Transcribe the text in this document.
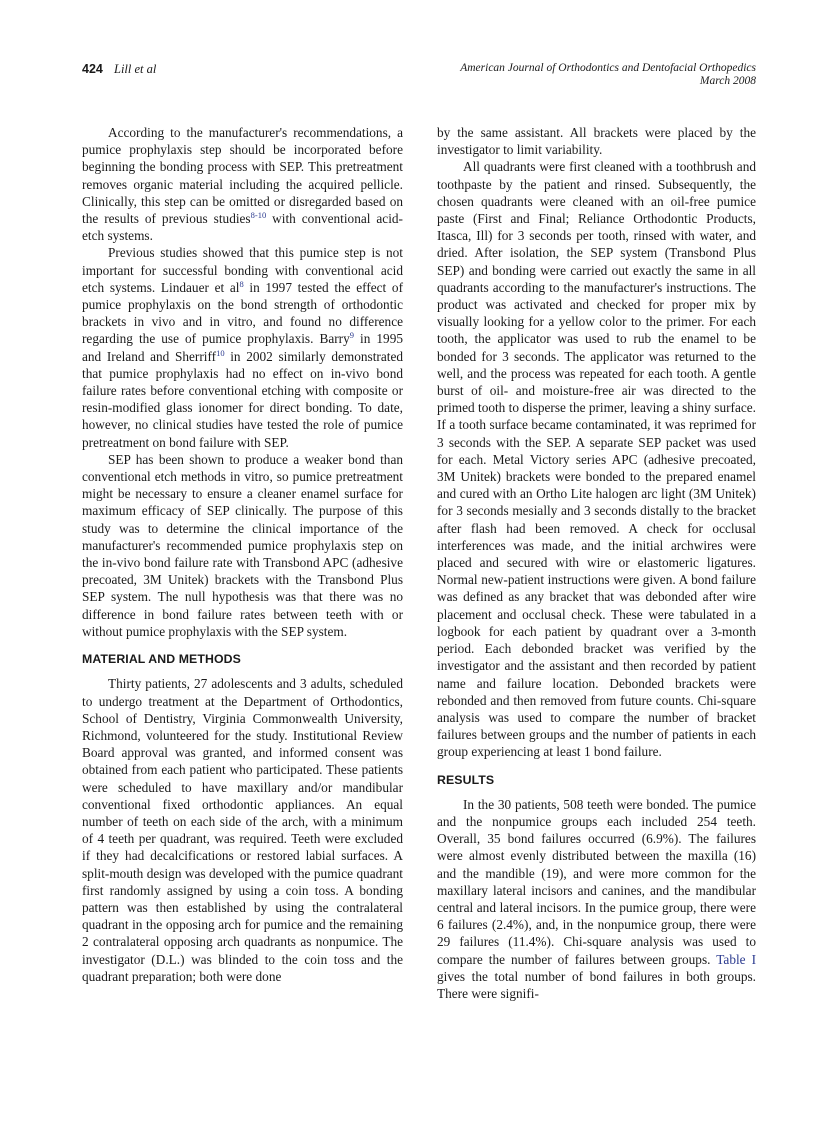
424 Lill et al	American Journal of Orthodontics and Dentofacial Orthopedics
March 2008

According to the manufacturer's recommendations, a pumice prophylaxis step should be incorporated before beginning the bonding process with SEP. This pretreatment removes organic material including the acquired pellicle. Clinically, this step can be omitted or disregarded based on the results of previous studies$^{8-10}$ with conventional acid-etch systems.

Previous studies showed that this pumice step is not important for successful bonding with conventional acid etch systems. Lindauer et $al^8$ in 1997 tested the effect of pumice prophylaxis on the bond strength of orthodontic brackets in vivo and in vitro, and found no difference regarding the use of pumice prophylaxis. Barry$^9$ in 1995 and Ireland and Sherriff$^{10}$ in 2002 similarly demonstrated that pumice prophylaxis had no effect on in-vivo bond failure rates before conventional etching with composite or resin-modified glass ionomer for direct bonding. To date, however, no clinical studies have tested the role of pumice pretreatment on bond failure with SEP.

SEP has been shown to produce a weaker bond than conventional etch methods in vitro, so pumice pretreatment might be necessary to ensure a cleaner enamel surface for maximum efficacy of SEP clinically. The purpose of this study was to determine the clinical importance of the manufacturer's recommended pumice prophylaxis step on the in-vivo bond failure rate with Transbond APC (adhesive precoated, 3M Unitek) brackets with the Transbond Plus SEP system. The null hypothesis was that there was no difference in bond failure rates between teeth with or without pumice prophylaxis with the SEP system.

MATERIAL AND METHODS

Thirty patients, 27 adolescents and 3 adults, scheduled to undergo treatment at the Department of Orthodontics, School of Dentistry, Virginia Commonwealth University, Richmond, volunteered for the study. Institutional Review Board approval was granted, and informed consent was obtained from each patient who participated. These patients were scheduled to have maxillary and/or mandibular conventional fixed orthodontic appliances. An equal number of teeth on each side of the arch, with a minimum of 4 teeth per quadrant, was required. Teeth were excluded if they had decalcifications or restored labial surfaces. A split-mouth design was developed with the pumice quadrant first randomly assigned by using a coin toss. A bonding pattern was then established by using the contralateral quadrant in the opposing arch for pumice and the remaining 2 contralateral opposing arch quadrants as nonpumice. The investigator (D.L.) was blinded to the coin toss and the quadrant preparation; both were done

by the same assistant. All brackets were placed by the investigator to limit variability.

All quadrants were first cleaned with a toothbrush and toothpaste by the patient and rinsed. Subsequently, the chosen quadrants were cleaned with an oil-free pumice paste (First and Final; Reliance Orthodontic Products, Itasca, Ill) for 3 seconds per tooth, rinsed with water, and dried. After isolation, the SEP system (Transbond Plus SEP) and bonding were carried out exactly the same in all quadrants according to the manufacturer's instructions. The product was activated and checked for proper mix by visually looking for a yellow color to the primer. For each tooth, the applicator was used to rub the enamel to be bonded for 3 seconds. The applicator was returned to the well, and the process was repeated for each tooth. A gentle burst of oil- and moisture-free air was directed to the primed tooth to disperse the primer, leaving a shiny surface. If a tooth surface became contaminated, it was reprimed for 3 seconds with the SEP. A separate SEP packet was used for each. Metal Victory series APC (adhesive precoated, 3M Unitek) brackets were bonded to the prepared enamel and cured with an Ortho Lite halogen arc light (3M Unitek) for 3 seconds mesially and 3 seconds distally to the bracket after flash had been removed. A check for occlusal interferences was made, and the initial archwires were placed and secured with wire or elastomeric ligatures. Normal new-patient instructions were given. A bond failure was defined as any bracket that was debonded after wire placement and occlusal check. These were tabulated in a logbook for each patient by quadrant over a 3-month period. Each debonded bracket was verified by the investigator and the assistant and then recorded by patient name and failure location. Debonded brackets were rebonded and then removed from future counts. Chi-square analysis was used to compare the number of bracket failures between groups and the number of patients in each group experiencing at least 1 bond failure.

RESULTS

In the 30 patients, 508 teeth were bonded. The pumice and the nonpumice groups each included 254 teeth. Overall, 35 bond failures occurred (6.9%). The failures were almost evenly distributed between the maxilla (16) and the mandible (19), and were more common for the maxillary lateral incisors and canines, and the mandibular central and lateral incisors. In the pumice group, there were 6 failures (2.4%), and, in the nonpumice group, there were 29 failures (11.4%). Chi-square analysis was used to compare the number of failures between groups. Table I gives the total number of bond failures in both groups. There were signifi-
